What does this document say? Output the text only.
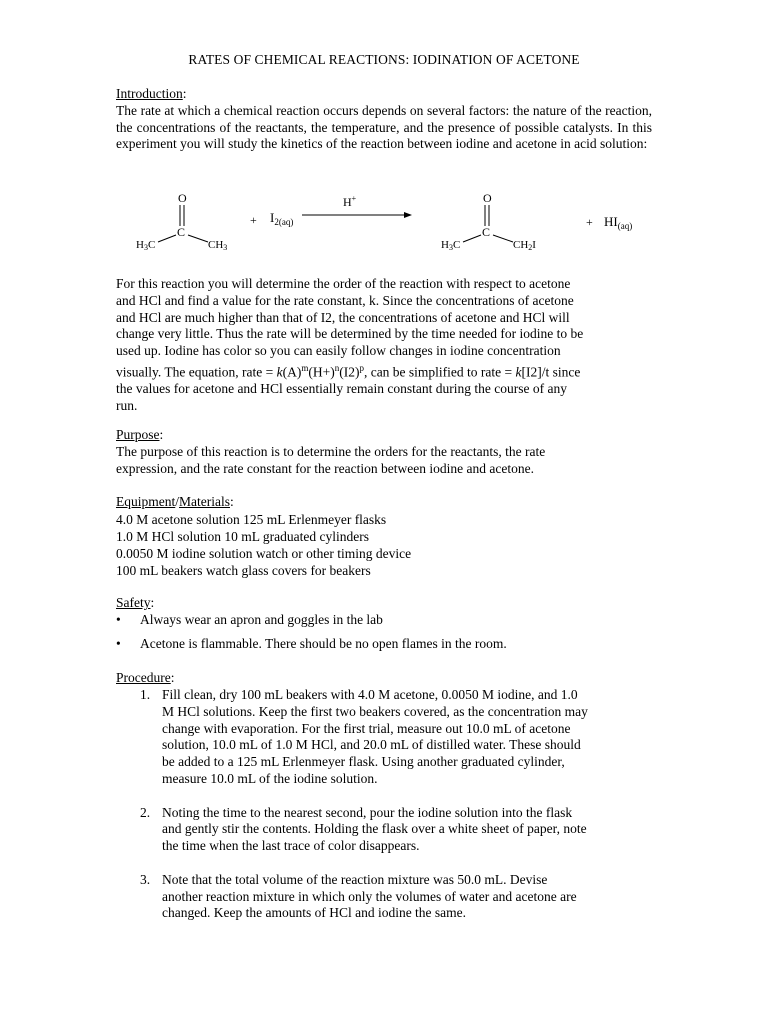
RATES OF CHEMICAL REACTIONS: IODINATION OF ACETONE
Introduction:
The rate at which a chemical reaction occurs depends on several factors: the nature of the reaction, the concentrations of the reactants, the temperature, and the presence of possible catalysts. In this experiment you will study the kinetics of the reaction between iodine and acetone in acid solution:
O
C
H3C	CH3
+ $I_{2(aq)}$
H+	O
C
H3C	CH2I
+ $HI_{(aq)}$
For this reaction you will determine the order of the reaction with respect to acetone
and HCl and find a value for the rate constant, k. Since the concentrations of acetone
and HCl are much higher than that of I2, the concentrations of acetone and HCl will
change very little. Thus the rate will be determined by the time needed for iodine to be
used up. Iodine has color so you can easily follow changes in iodine concentration
visually. The equation, rate = $k(A)^m(H+)^n(I2)^p$, can be simplified to rate = k[I2]/t since
the values for acetone and HCl essentially remain constant during the course of any
run.
Purpose:
The purpose of this reaction is to determine the orders for the reactants, the rate
expression, and the rate constant for the reaction between iodine and acetone.
Equipment/Materials:
4.0 M acetone solution 125 mL Erlenmeyer flasks
1.0 M HCl solution 10 mL graduated cylinders
0.0050 M iodine solution watch or other timing device
100 mL beakers watch glass covers for beakers
Safety:
•	Always wear an apron and goggles in the lab
•	Acetone is flammable. There should be no open flames in the room.
Procedure:
1. Fill clean, dry 100 mL beakers with 4.0 M acetone, 0.0050 M iodine, and 1.0
M HCl solutions. Keep the first two beakers covered, as the concentration may
change with evaporation. For the first trial, measure out 10.0 mL of acetone
solution, 10.0 mL of 1.0 M HCl, and 20.0 mL of distilled water. These should
be added to a 125 mL Erlenmeyer flask. Using another graduated cylinder,
measure 10.0 mL of the iodine solution.
2. Noting the time to the nearest second, pour the iodine solution into the flask
and gently stir the contents. Holding the flask over a white sheet of paper, note
the time when the last trace of color disappears.
3. Note that the total volume of the reaction mixture was 50.0 mL. Devise
another reaction mixture in which only the volumes of water and acetone are
changed. Keep the amounts of HCl and iodine the same.
